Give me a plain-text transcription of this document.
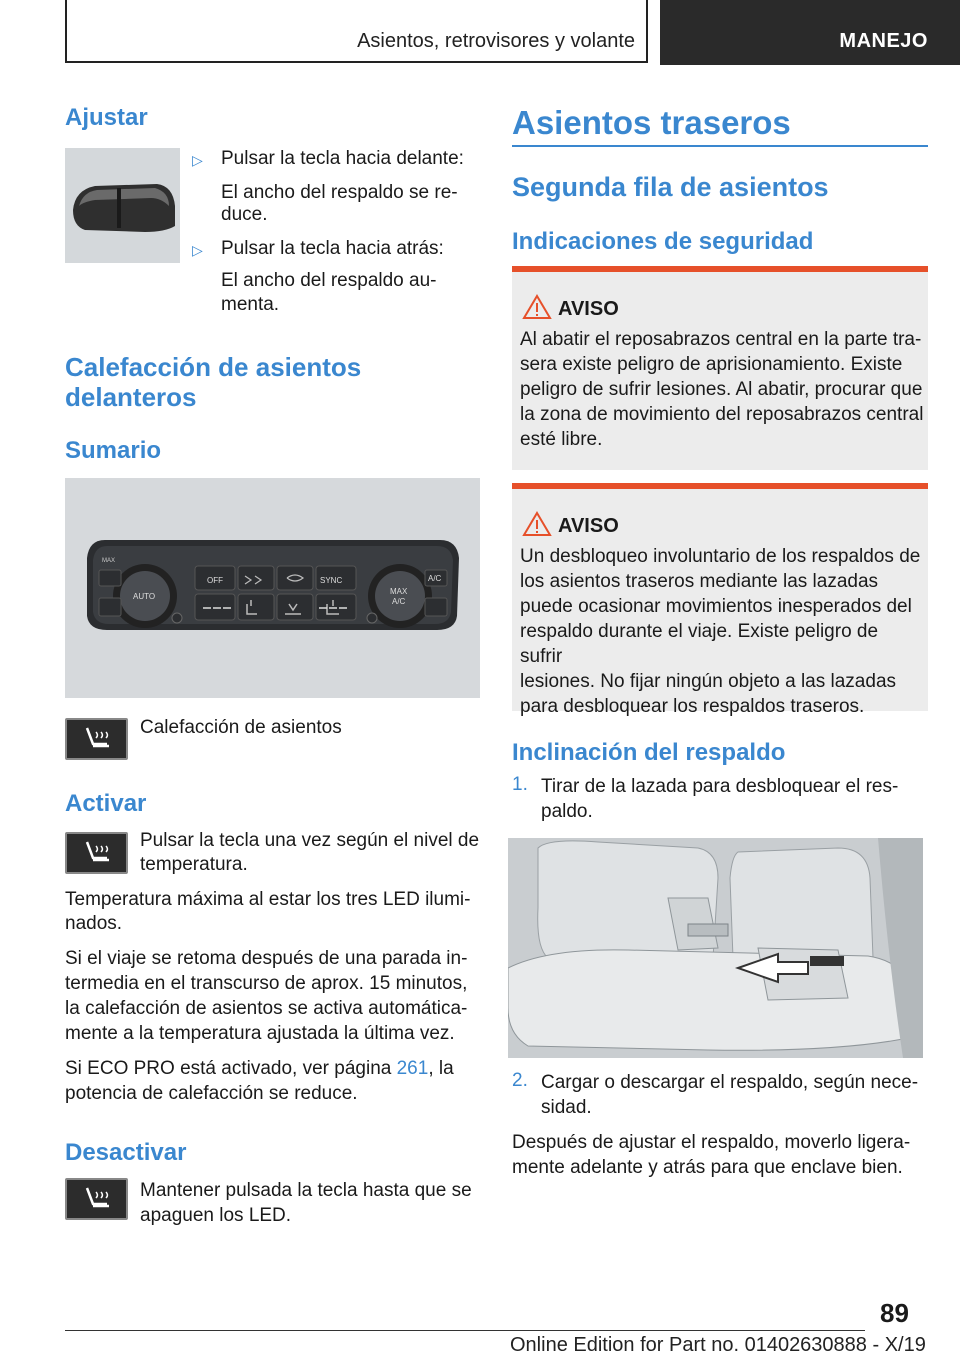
Asientos, retrovisores y volante	MANEJO
Ajustar
▷ Pulsar la tecla hacia delante:
El ancho del respaldo se re-
duce.
▷ Pulsar la tecla hacia atrás:
El ancho del respaldo au-
menta.
Calefacción de asientos
delanteros
Sumario
OFF	SYNC
AUTO
MAX
A/C
A/C
MAX
Calefacción de asientos
Activar
Pulsar la tecla una vez según el nivel de
temperatura.
Temperatura máxima al estar los tres LED ilumi-
nados.
Si el viaje se retoma después de una parada in-
termedia en el transcurso de aprox. 15 minutos,
la calefacción de asientos se activa automática-
mente a la temperatura ajustada la última vez.
Si ECO PRO está activado, ver página 261, la
potencia de calefacción se reduce.
Desactivar
Mantener pulsada la tecla hasta que se
apaguen los LED.
Asientos traseros
Segunda fila de asientos
Indicaciones de seguridad
AVISO
Al abatir el reposabrazos central en la parte tra-
sera existe peligro de aprisionamiento. Existe
peligro de sufrir lesiones. Al abatir, procurar que
la zona de movimiento del reposabrazos central
esté libre.
AVISO
Un desbloqueo involuntario de los respaldos de
los asientos traseros mediante las lazadas
puede ocasionar movimientos inesperados del
respaldo durante el viaje. Existe peligro de sufrir
lesiones. No fijar ningún objeto a las lazadas
para desbloquear los respaldos traseros.
Inclinación del respaldo
1. Tirar de la lazada para desbloquear el res-
paldo.
2. Cargar o descargar el respaldo, según nece-
sidad.
Después de ajustar el respaldo, moverlo ligera-
mente adelante y atrás para que enclave bien.
89
Online Edition for Part no. 01402630888 - X/19
